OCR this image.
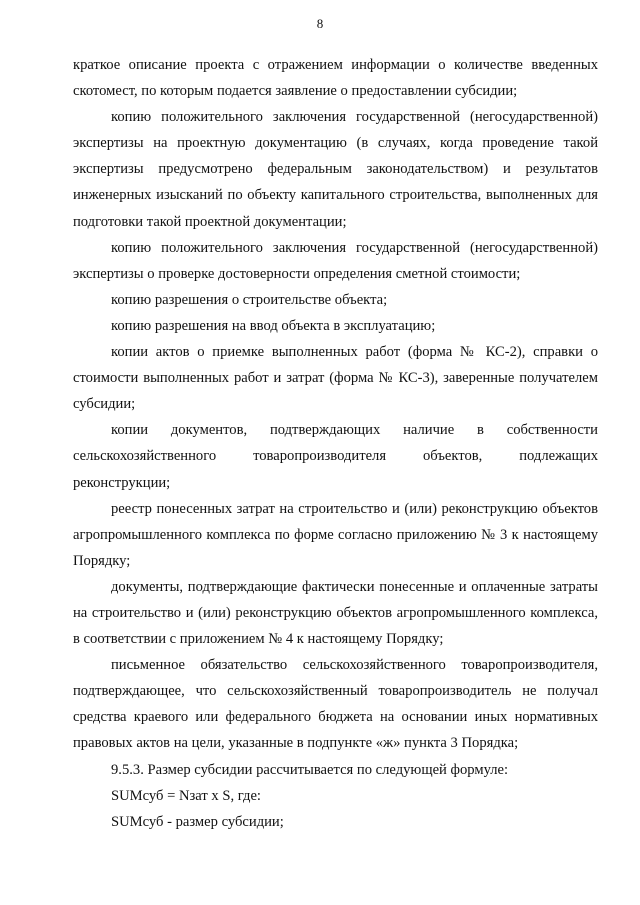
8

краткое описание проекта с отражением информации о количестве введенных скотомест, по которым подается заявление о предоставлении субсидии;

копию положительного заключения государственной (негосударственной) экспертизы на проектную документацию (в случаях, когда проведение такой экспертизы предусмотрено федеральным законодательством) и результатов инженерных изысканий по объекту капитального строительства, выполненных для подготовки такой проектной документации;

копию положительного заключения государственной (негосударственной) экспертизы о проверке достоверности определения сметной стоимости;

копию разрешения о строительстве объекта;

копию разрешения на ввод объекта в эксплуатацию;

копии актов о приемке выполненных работ (форма № КС-2), справки о стоимости выполненных работ и затрат (форма № КС-3), заверенные получателем субсидии;

копии документов, подтверждающих наличие в собственности сельскохозяйственного товаропроизводителя объектов, подлежащих реконструкции;

реестр понесенных затрат на строительство и (или) реконструкцию объектов агропромышленного комплекса по форме согласно приложению № 3 к настоящему Порядку;

документы, подтверждающие фактически понесенные и оплаченные затраты на строительство и (или) реконструкцию объектов агропромышленного комплекса, в соответствии с приложением № 4 к настоящему Порядку;

письменное обязательство сельскохозяйственного товаропроизводителя, подтверждающее, что сельскохозяйственный товаропроизводитель не получал средства краевого или федерального бюджета на основании иных нормативных правовых актов на цели, указанные в подпункте «ж» пункта 3 Порядка;

9.5.3. Размер субсидии рассчитывается по следующей формуле:

SUMсуб = Nзат x S, где:

SUMсуб - размер субсидии;
